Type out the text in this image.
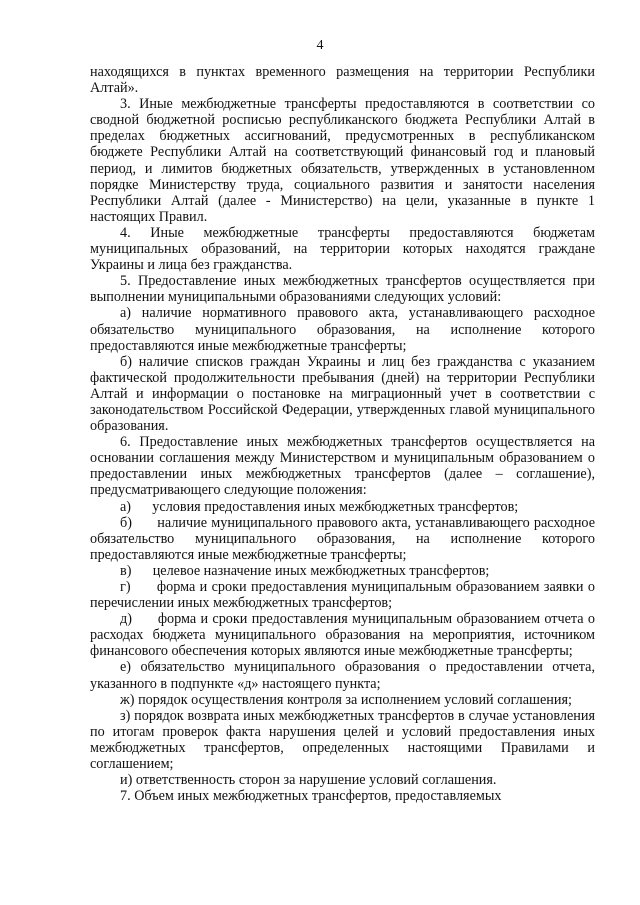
4

находящихся в пунктах временного размещения на территории Республики Алтай».

3. Иные межбюджетные трансферты предоставляются в соответствии со сводной бюджетной росписью республиканского бюджета Республики Алтай в пределах бюджетных ассигнований, предусмотренных в республиканском бюджете Республики Алтай на соответствующий финансовый год и плановый период, и лимитов бюджетных обязательств, утвержденных в установленном порядке Министерству труда, социального развития и занятости населения Республики Алтай (далее - Министерство) на цели, указанные в пункте 1 настоящих Правил.

4. Иные межбюджетные трансферты предоставляются бюджетам муниципальных образований, на территории которых находятся граждане Украины и лица без гражданства.

5. Предоставление иных межбюджетных трансфертов осуществляется при выполнении муниципальными образованиями следующих условий:

а) наличие нормативного правового акта, устанавливающего расходное обязательство муниципального образования, на исполнение которого предоставляются иные межбюджетные трансферты;

б) наличие списков граждан Украины и лиц без гражданства с указанием фактической продолжительности пребывания (дней) на территории Республики Алтай и информации о постановке на миграционный учет в соответствии с законодательством Российской Федерации, утвержденных главой муниципального образования.

6. Предоставление иных межбюджетных трансфертов осуществляется на основании соглашения между Министерством и муниципальным образованием о предоставлении иных межбюджетных трансфертов (далее – соглашение), предусматривающего следующие положения:

а)      условия предоставления иных межбюджетных трансфертов;

б)      наличие муниципального правового акта, устанавливающего расходное обязательство муниципального образования, на исполнение которого предоставляются иные межбюджетные трансферты;

в)      целевое назначение иных межбюджетных трансфертов;

г)      форма и сроки предоставления муниципальным образованием заявки о перечислении иных межбюджетных трансфертов;

д)      форма и сроки предоставления муниципальным образованием отчета о расходах бюджета муниципального образования на мероприятия, источником финансового обеспечения которых являются иные межбюджетные трансферты;

е) обязательство муниципального образования о предоставлении отчета, указанного в подпункте «д» настоящего пункта;

ж) порядок осуществления контроля за исполнением условий соглашения;

з) порядок возврата иных межбюджетных трансфертов в случае установления по итогам проверок факта нарушения целей и условий предоставления иных межбюджетных трансфертов, определенных настоящими Правилами и соглашением;

и) ответственность сторон за нарушение условий соглашения.

7. Объем иных межбюджетных трансфертов, предоставляемых
